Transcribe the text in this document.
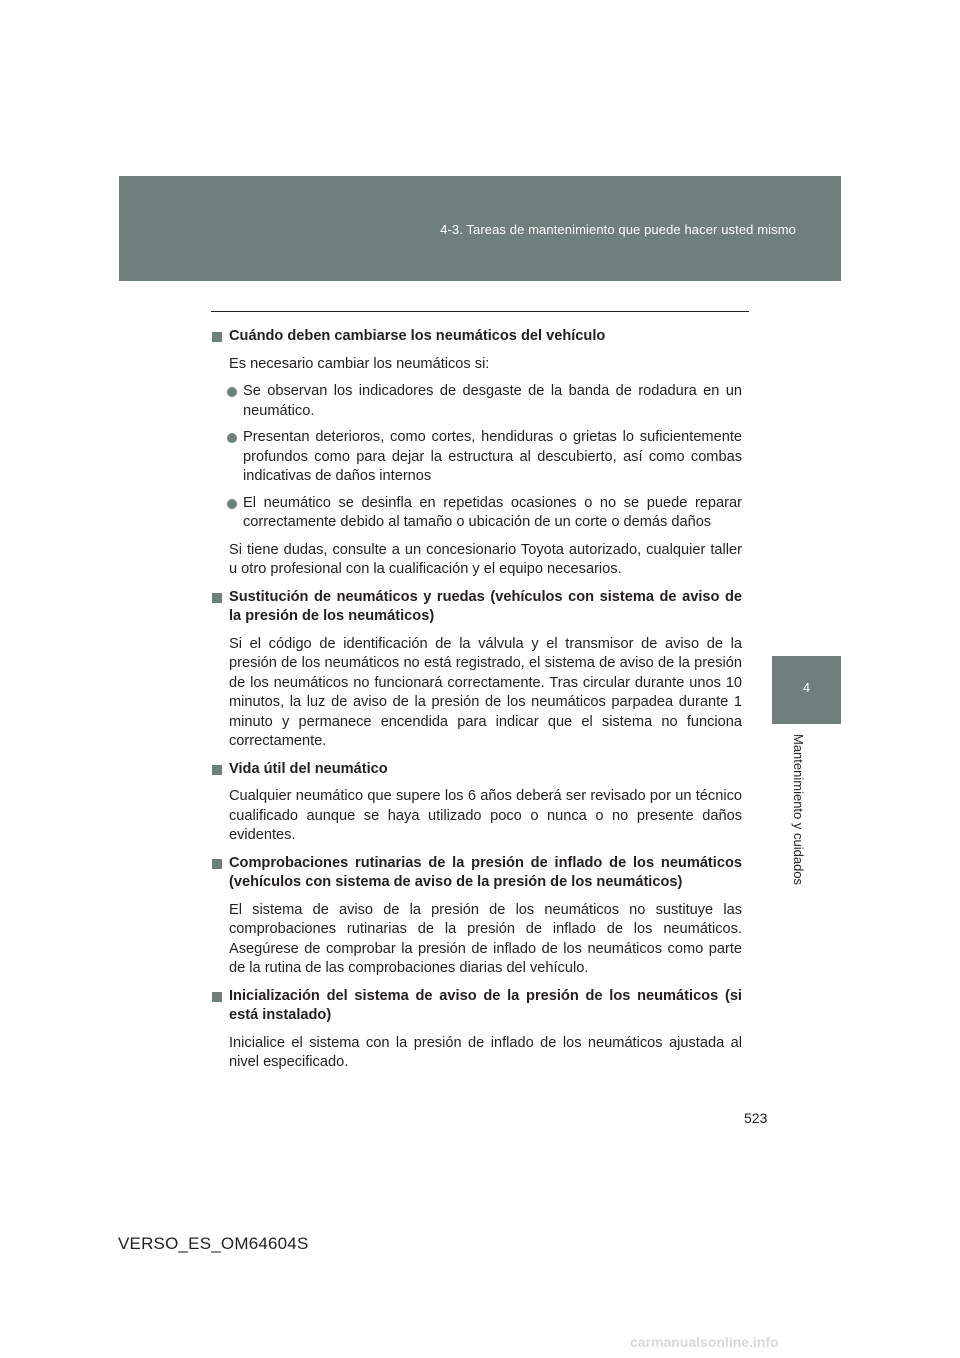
4-3. Tareas de mantenimiento que puede hacer usted mismo
4
Mantenimiento y cuidados
Cuándo deben cambiarse los neumáticos del vehículo
Es necesario cambiar los neumáticos si:
Se observan los indicadores de desgaste de la banda de rodadura en un neumático.
Presentan deterioros, como cortes, hendiduras o grietas lo suficientemente profundos como para dejar la estructura al descubierto, así como combas indicativas de daños internos
El neumático se desinfla en repetidas ocasiones o no se puede reparar correctamente debido al tamaño o ubicación de un corte o demás daños
Si tiene dudas, consulte a un concesionario Toyota autorizado, cualquier taller u otro profesional con la cualificación y el equipo necesarios.
Sustitución de neumáticos y ruedas (vehículos con sistema de aviso de la presión de los neumáticos)
Si el código de identificación de la válvula y el transmisor de aviso de la presión de los neumáticos no está registrado, el sistema de aviso de la presión de los neumáticos no funcionará correctamente. Tras circular durante unos 10 minutos, la luz de aviso de la presión de los neumáticos parpadea durante 1 minuto y permanece encendida para indicar que el sistema no funciona correctamente.
Vida útil del neumático
Cualquier neumático que supere los 6 años deberá ser revisado por un técnico cualificado aunque se haya utilizado poco o nunca o no presente daños evidentes.
Comprobaciones rutinarias de la presión de inflado de los neumáticos (vehículos con sistema de aviso de la presión de los neumáticos)
El sistema de aviso de la presión de los neumáticos no sustituye las comprobaciones rutinarias de la presión de inflado de los neumáticos. Asegúrese de comprobar la presión de inflado de los neumáticos como parte de la rutina de las comprobaciones diarias del vehículo.
Inicialización del sistema de aviso de la presión de los neumáticos (si está instalado)
Inicialice el sistema con la presión de inflado de los neumáticos ajustada al nivel especificado.
523
VERSO_ES_OM64604S
carmanualsonline.info
